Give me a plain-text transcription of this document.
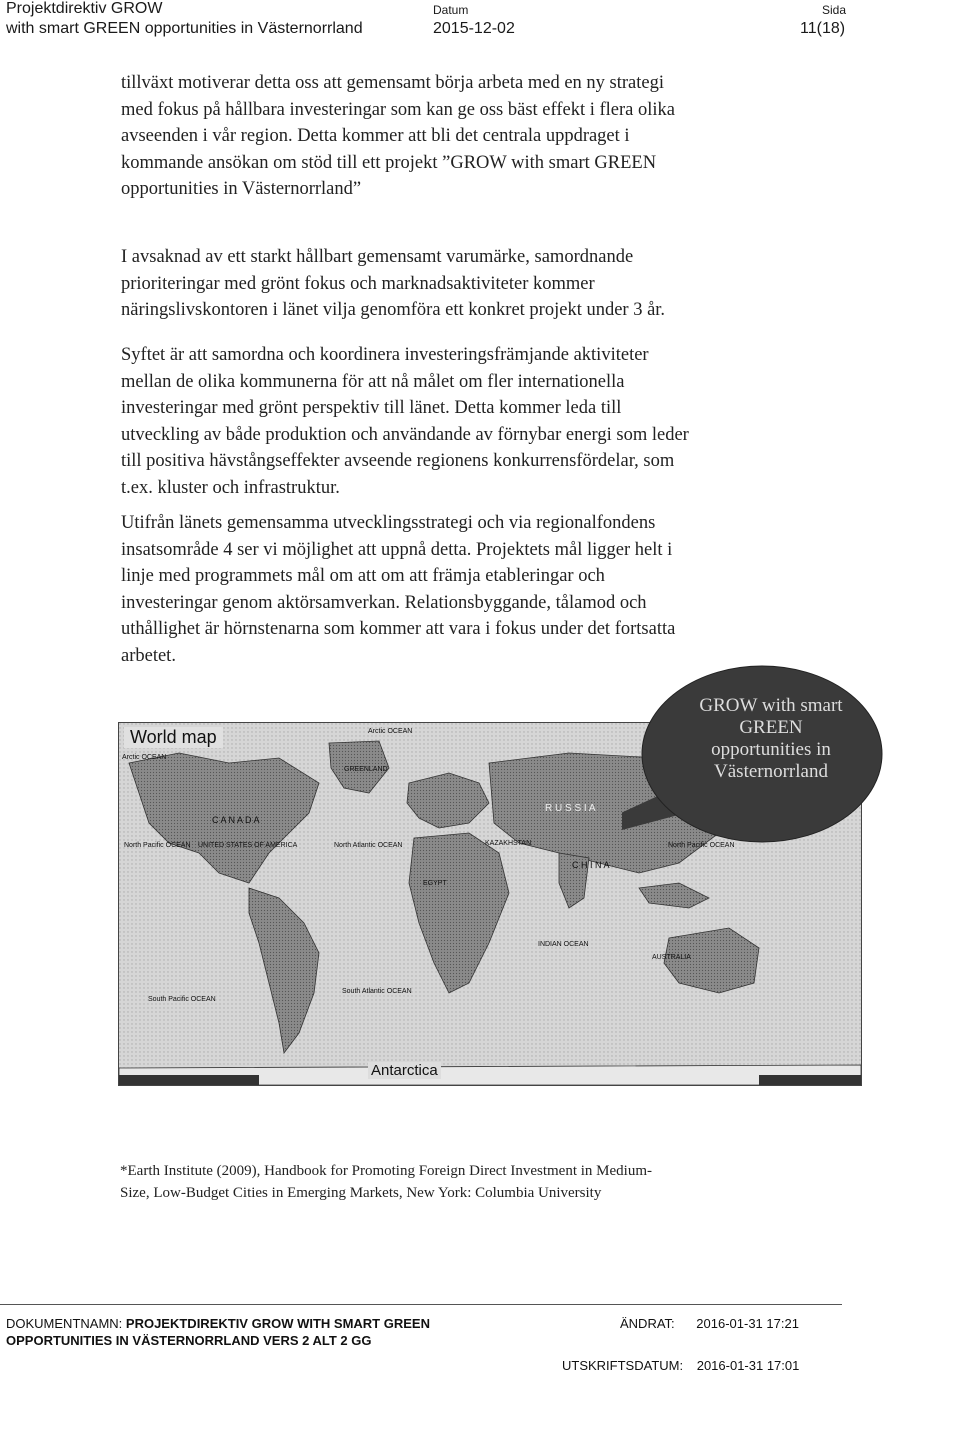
Projektdirektiv GROW
with smart GREEN opportunities in Västernorrland
Datum
2015-12-02
Sida
11(18)
tillväxt motiverar detta oss att gemensamt börja arbeta med en ny strategi
med fokus på hållbara investeringar som kan ge oss bäst effekt i flera olika
avseenden i vår region. Detta kommer att bli det centrala uppdraget i
kommande ansökan om stöd till ett projekt ”GROW with smart GREEN
opportunities in Västernorrland”
I avsaknad av ett starkt hållbart gemensamt varumärke, samordnande
prioriteringar med grönt fokus och marknadsaktiviteter kommer
näringslivskontoren i länet vilja genomföra ett konkret projekt under 3 år.
Syftet är att samordna och koordinera investeringsfrämjande aktiviteter
mellan de olika kommunerna för att nå målet om fler internationella
investeringar med grönt perspektiv till länet. Detta kommer leda till
utveckling av både produktion och användande av förnybar energi som leder
till positiva hävstångseffekter avseende regionens konkurrensfördelar, som
t.ex. kluster och infrastruktur.
Utifrån länets gemensamma utvecklingsstrategi och via regionalfondens
insatsområde 4 ser vi möjlighet att uppnå detta. Projektets mål ligger helt i
linje med programmets mål om att om att främja etableringar och
investeringar genom aktörsamverkan. Relationsbyggande, tålamod och
uthållighet är hörnstenarna som kommer att vara i fokus under det fortsatta
arbetet.
World map
Arctic OCEAN
Arctic OCEAN
GREENLAND
C A N A D A
R U S S I A
North Pacific OCEAN UNITED STATES OF AMERICA	North Atlantic OCEAN	KAZAKHSTAN
C H I N A
North Pacific OCEAN
EGYPT
INDIAN OCEAN
AUSTRALIA
South Pacific OCEAN
South Atlantic OCEAN
Antarctica
GROW with smart
GREEN
opportunities in
Västernorrland
*Earth Institute (2009), Handbook for Promoting Foreign Direct Investment in Medium-
Size, Low-Budget Cities in Emerging Markets, New York: Columbia University
DOKUMENTNAMN: PROJEKTDIREKTIV GROW WITH SMART GREEN
OPPORTUNITIES IN VÄSTERNORRLAND VERS 2 ALT 2 GG
ÄNDRAT: 2016-01-31 17:21
UTSKRIFTSDATUM: 2016-01-31 17:01
